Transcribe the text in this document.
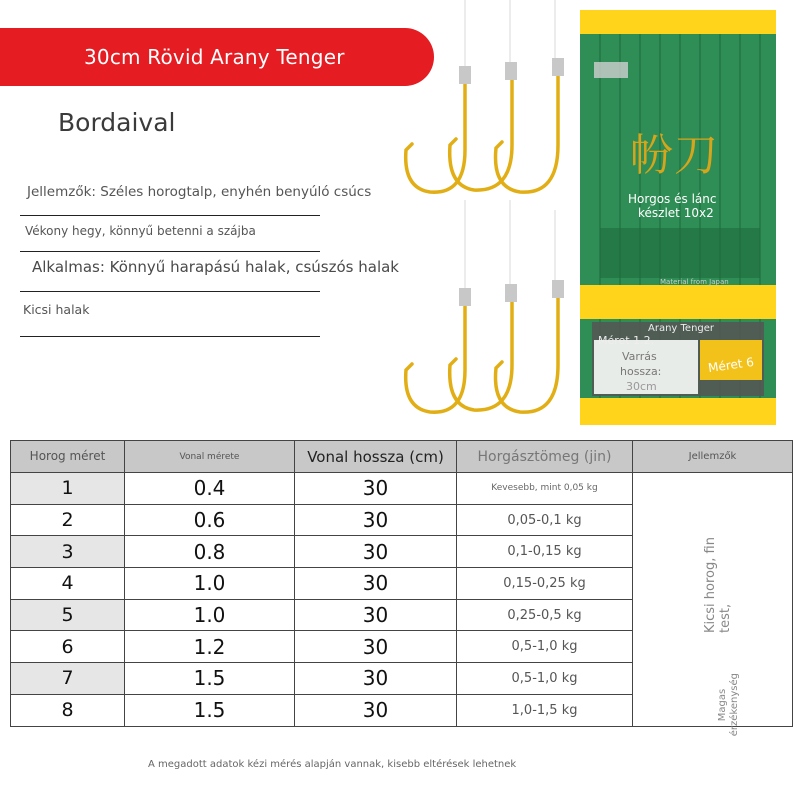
30cm Rövid Arany Tenger
Bordaival
Jellemzők: Széles horogtalp, enyhén benyúló csúcs
Vékony hegy, könnyű betenni a szájba
Alkalmas: Könnyű harapású halak, csúszós halak
Kicsi halak
帉刀
Horgos és lánc
készlet 10x2
Arany Tenger
Méret 1.2,
Varrás
hossza:
30cm
Méret 6
Material from Japan
Horog méret	Vonal mérete	Vonal hossza (cm)	Horgásztömeg (jin)	Jellemzők
1	0.4	30	Kevesebb, mint 0,05 kg	Kicsi horog, fin test,
Magas érzékenység

2	0.6	30	0,05-0,1 kg	
3	0.8	30	0,1-0,15 kg	
4	1.0	30	0,15-0,25 kg	
5	1.0	30	0,25-0,5 kg	
6	1.2	30	0,5-1,0 kg	
7	1.5	30	0,5-1,0 kg	
8	1.5	30	1,0-1,5 kg	
A megadott adatok kézi mérés alapján vannak, kisebb eltérések lehetnek
